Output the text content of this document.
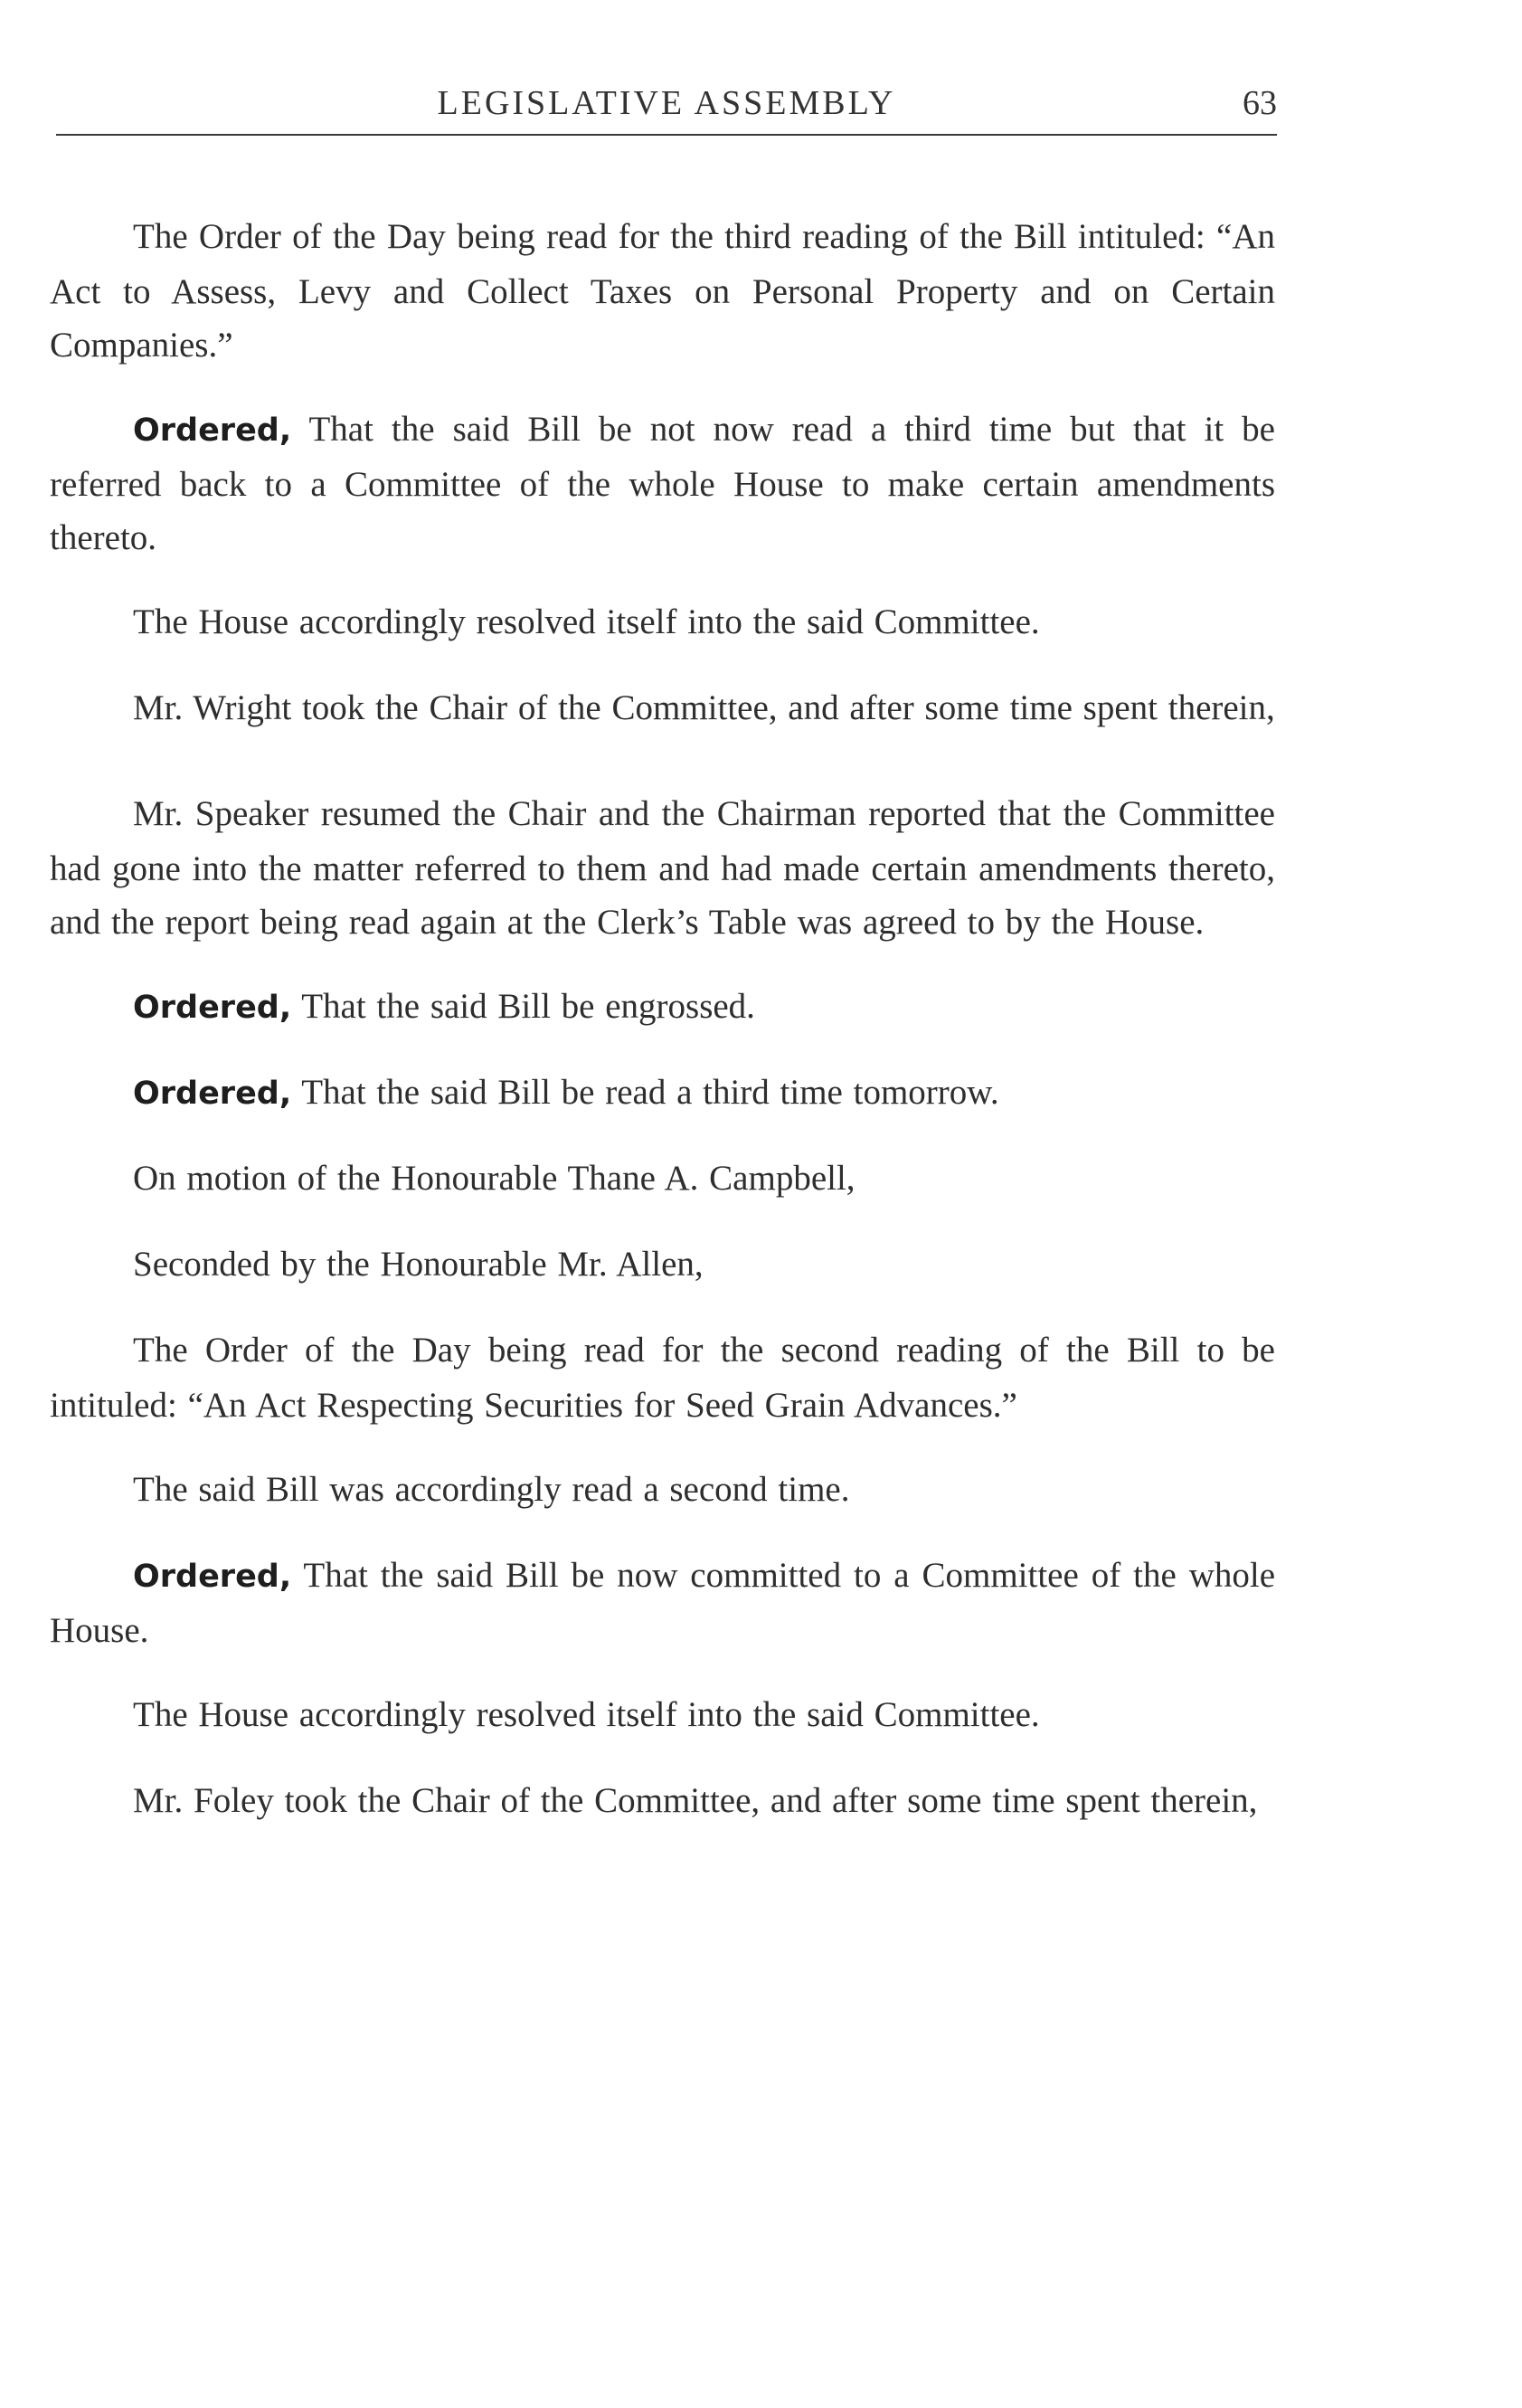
LEGISLATIVE ASSEMBLY	63

The Order of the Day being read for the third reading of the Bill intituled: “An Act to Assess, Levy and Collect Taxes on Personal Property and on Certain Companies.”

Ordered, That the said Bill be not now read a third time but that it be referred back to a Committee of the whole House to make certain amendments thereto.

The House accordingly resolved itself into the said Committee.

Mr. Wright took the Chair of the Committee, and after some time spent therein,

Mr. Speaker resumed the Chair and the Chairman reported that the Committee had gone into the matter referred to them and had made certain amendments thereto, and the report being read again at the Clerk’s Table was agreed to by the House.

Ordered, That the said Bill be engrossed.

Ordered, That the said Bill be read a third time tomorrow.

On motion of the Honourable Thane A. Campbell,

Seconded by the Honourable Mr. Allen,

The Order of the Day being read for the second reading of the Bill to be intituled: “An Act Respecting Securities for Seed Grain Advances.”

The said Bill was accordingly read a second time.

Ordered, That the said Bill be now committed to a Committee of the whole House.

The House accordingly resolved itself into the said Committee.

Mr. Foley took the Chair of the Committee, and after some time spent therein,
